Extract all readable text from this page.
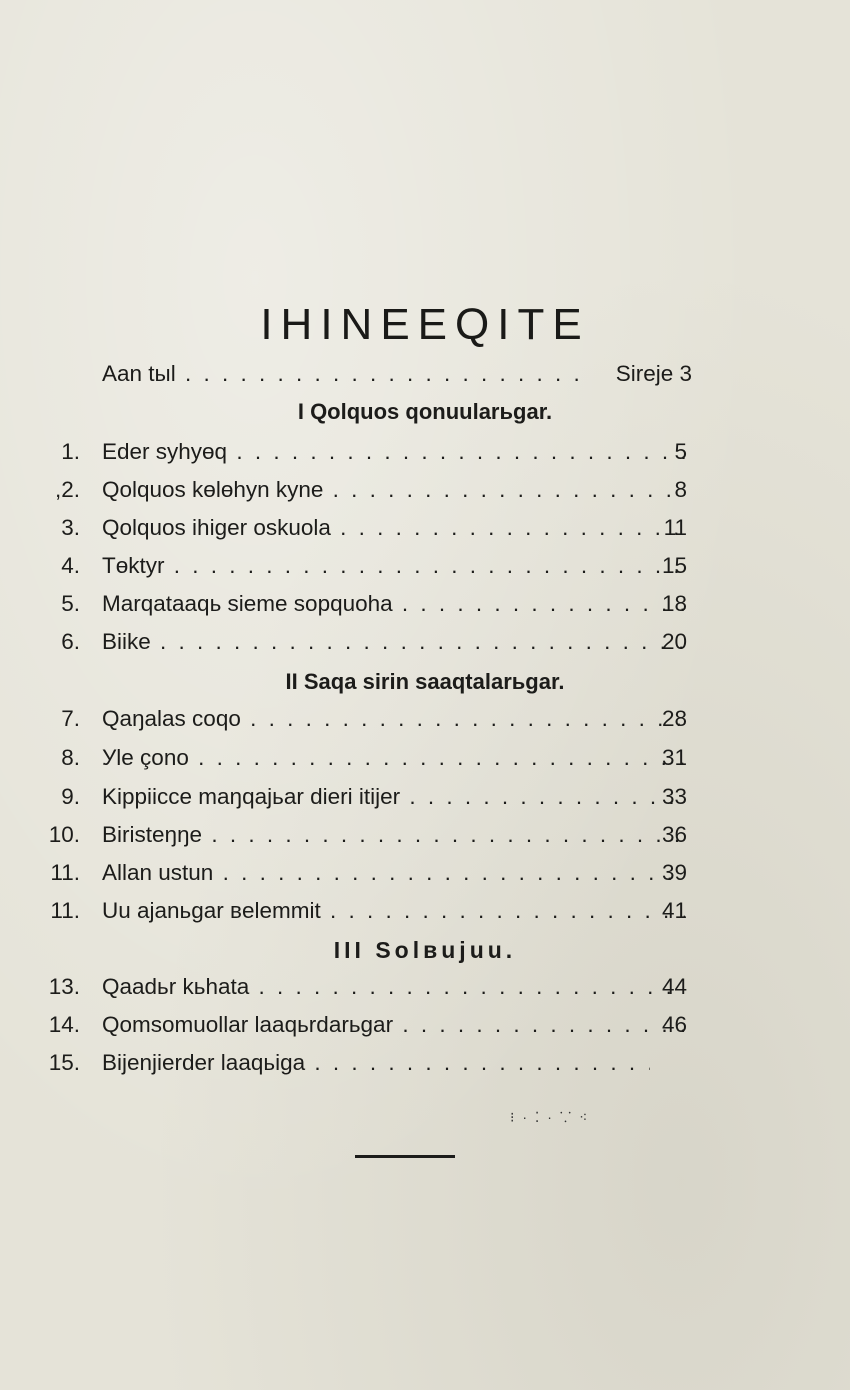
IHINEEQITE
Aan tыl . . .	Sireje 3
I Qolquos qonuularьgar.
1. Eder syhyөq . . .	5
,2. Qolquos kөlөhyn kyne . . .	8
3. Qolquos ihiger oskuola . . .	11
4. Tөktyr . . .	15
5. Marqataaqь sieme sopquoha . . .	18
6. Biike . . .	20
II Saqa sirin saaqtalarьgar.
7. Qaŋalas coqo . . .	28
8. Уle çono . . .	31
9. Kippiicce maŋqajьar dieri itijer . . .	33
10. Biristeŋŋe . . .	36
11. Allan ustun . . .	39
11. Uu ajanьgar вelemmit . . .	41
III Solвujuu.
13. Qaadьr kьhata . . .	44
14. Qomsomuollar laaqьrdarьgar . . .	46
15. Bijenjierder laaqьiga . . .
⁝ · ⁚ · ⸪ ⁖
